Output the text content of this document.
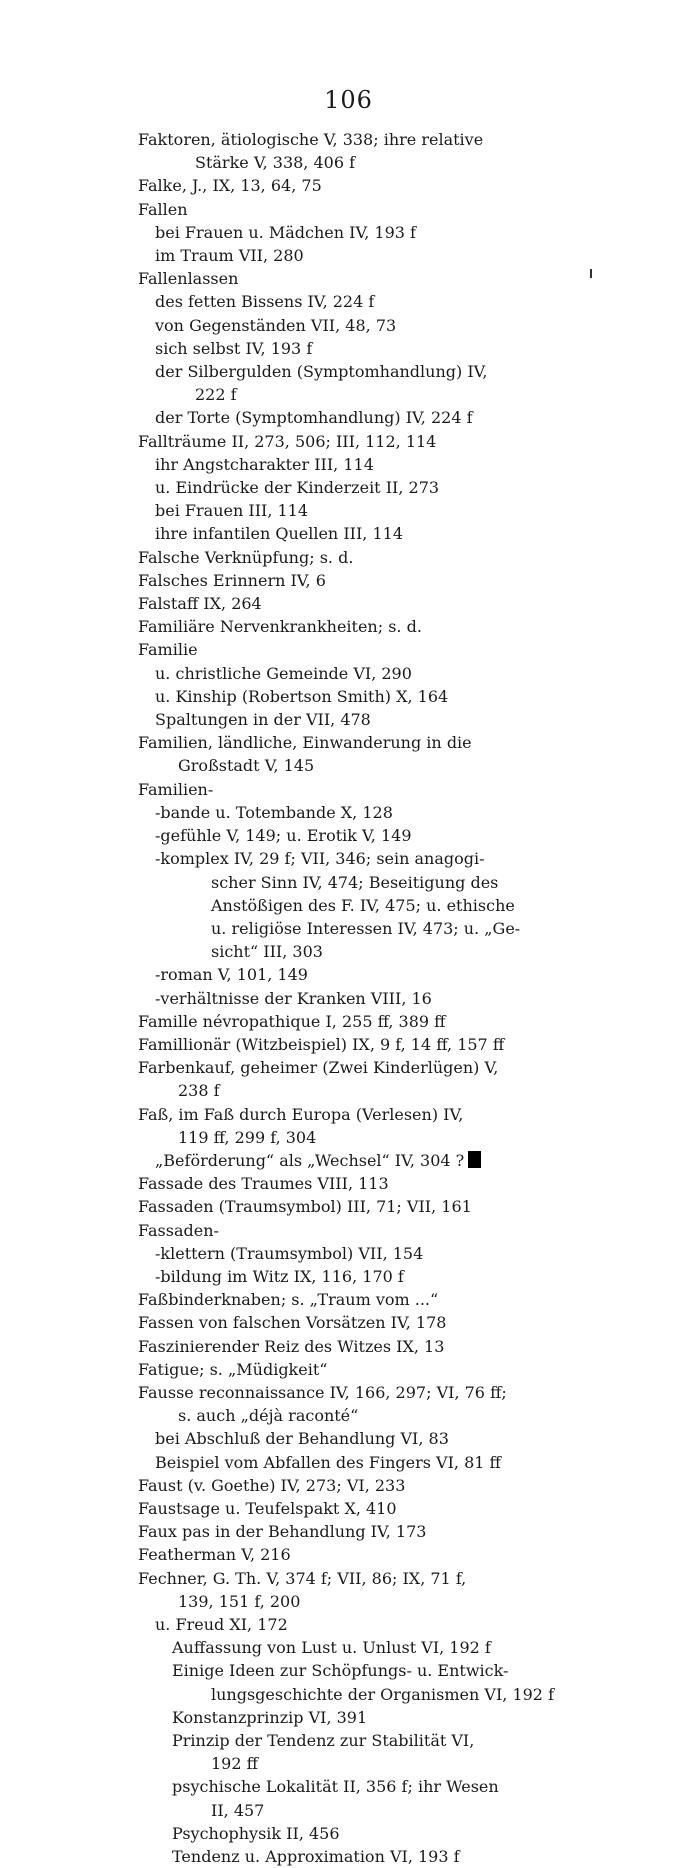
106
Faktoren, ätiologische V, 338; ihre relative
Stärke V, 338, 406 f
Falke, J., IX, 13, 64, 75
Fallen
bei Frauen u. Mädchen IV, 193 f
im Traum VII, 280
Fallenlassen
des fetten Bissens IV, 224 f
von Gegenständen VII, 48, 73
sich selbst IV, 193 f
der Silbergulden (Symptomhandlung) IV,
222 f
der Torte (Symptomhandlung) IV, 224 f
Fallträume II, 273, 506; III, 112, 114
ihr Angstcharakter III, 114
u. Eindrücke der Kinderzeit II, 273
bei Frauen III, 114
ihre infantilen Quellen III, 114
Falsche Verknüpfung; s. d.
Falsches Erinnern IV, 6
Falstaff IX, 264
Familiäre Nervenkrankheiten; s. d.
Familie
u. christliche Gemeinde VI, 290
u. Kinship (Robertson Smith) X, 164
Spaltungen in der VII, 478
Familien, ländliche, Einwanderung in die
Großstadt V, 145
Familien-
-bande u. Totembande X, 128
-gefühle V, 149; u. Erotik V, 149
-komplex IV, 29 f; VII, 346; sein anagogi-
scher Sinn IV, 474; Beseitigung des
Anstößigen des F. IV, 475; u. ethische
u. religiöse Interessen IV, 473; u. „Ge-
sicht“ III, 303
-roman V, 101, 149
-verhältnisse der Kranken VIII, 16
Famille névropathique I, 255 ff, 389 ff
Famillionär (Witzbeispiel) IX, 9 f, 14 ff, 157 ff
Farbenkauf, geheimer (Zwei Kinderlügen) V,
238 f
Faß, im Faß durch Europa (Verlesen) IV,
119 ff, 299 f, 304
„Beförderung“ als „Wechsel“ IV, 304 ?
Fassade des Traumes VIII, 113
Fassaden (Traumsymbol) III, 71; VII, 161
Fassaden-
-klettern (Traumsymbol) VII, 154
-bildung im Witz IX, 116, 170 f
Faßbinderknaben; s. „Traum vom ...“
Fassen von falschen Vorsätzen IV, 178
Faszinierender Reiz des Witzes IX, 13
Fatigue; s. „Müdigkeit“
Fausse reconnaissance IV, 166, 297; VI, 76 ff;
s. auch „déjà raconté“
bei Abschluß der Behandlung VI, 83
Beispiel vom Abfallen des Fingers VI, 81 ff
Faust (v. Goethe) IV, 273; VI, 233
Faustsage u. Teufelspakt X, 410
Faux pas in der Behandlung IV, 173
Featherman V, 216
Fechner, G. Th. V, 374 f; VII, 86; IX, 71 f,
139, 151 f, 200
u. Freud XI, 172
Auffassung von Lust u. Unlust VI, 192 f
Einige Ideen zur Schöpfungs- u. Entwick-
lungsgeschichte der Organismen VI, 192 f
Konstanzprinzip VI, 391
Prinzip der Tendenz zur Stabilität VI,
192 ff
psychische Lokalität II, 356 f; ihr Wesen
II, 457
Psychophysik II, 456
Tendenz u. Approximation VI, 193 f
